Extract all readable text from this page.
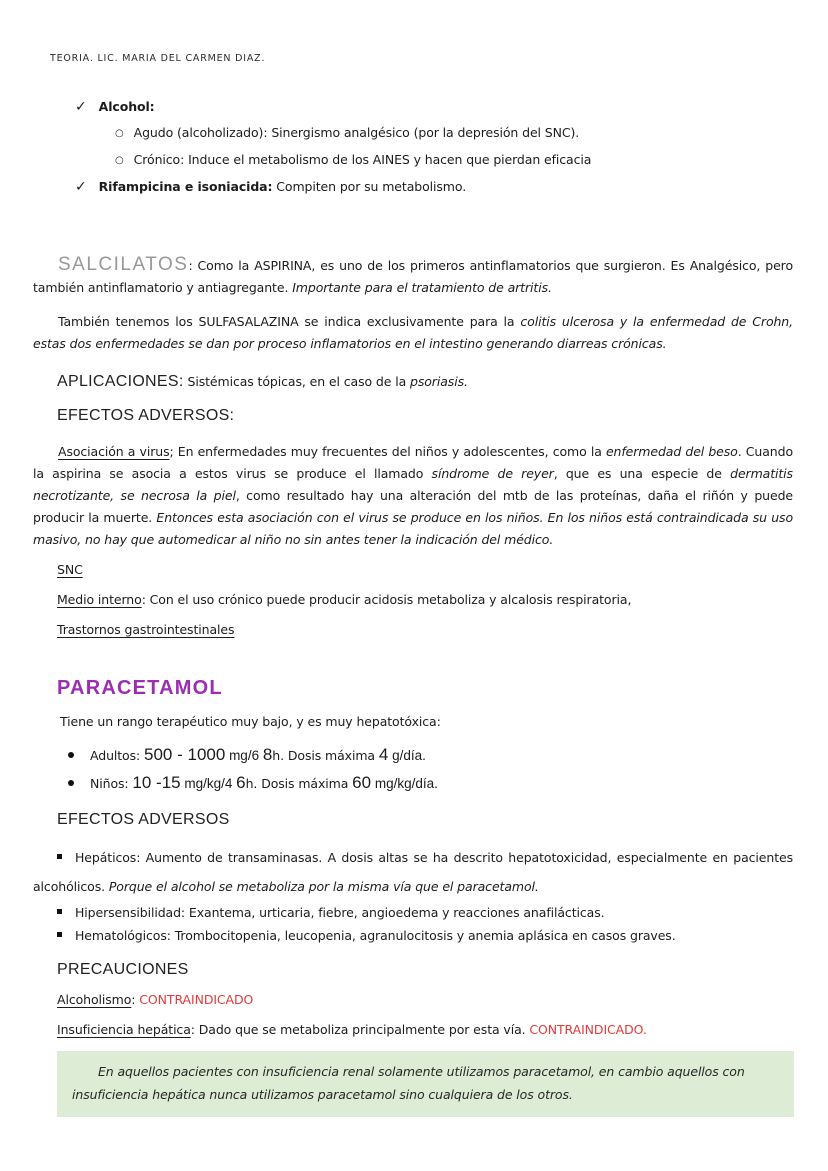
TEORIA. LIC. MARIA DEL CARMEN DIAZ.
✓ Alcohol:
○ Agudo (alcoholizado): Sinergismo analgésico (por la depresión del SNC).
○ Crónico: Induce el metabolismo de los AINES y hacen que pierdan eficacia
✓ Rifampicina e isoniacida: Compiten por su metabolismo.

SALCILATOS: Como la ASPIRINA, es uno de los primeros antinflamatorios que surgieron. Es Analgésico, pero también antinflamatorio y antiagregante. Importante para el tratamiento de artritis.

También tenemos los SULFASALAZINA se indica exclusivamente para la colitis ulcerosa y la enfermedad de Crohn, estas dos enfermedades se dan por proceso inflamatorios en el intestino generando diarreas crónicas.

APLICACIONES: Sistémicas tópicas, en el caso de la psoriasis.

EFECTOS ADVERSOS:

Asociación a virus; En enfermedades muy frecuentes del niños y adolescentes, como la enfermedad del beso. Cuando la aspirina se asocia a estos virus se produce el llamado síndrome de reyer, que es una especie de dermatitis necrotizante, se necrosa la piel, como resultado hay una alteración del mtb de las proteínas, daña el riñón y puede producir la muerte. Entonces esta asociación con el virus se produce en los niños. En los niños está contraindicada su uso masivo, no hay que automedicar al niño no sin antes tener la indicación del médico.

SNC

Medio interno: Con el uso crónico puede producir acidosis metaboliza y alcalosis respiratoria,

Trastornos gastrointestinales

PARACETAMOL

Tiene un rango terapéutico muy bajo, y es muy hepatotóxica:

Adultos: 500 - 1000 mg/6 8h. Dosis máxima 4 g/día.
Niños: 10 -15 mg/kg/4 6h. Dosis máxima 60 mg/kg/día.

EFECTOS ADVERSOS

Hepáticos: Aumento de transaminasas. A dosis altas se ha descrito hepatotoxicidad, especialmente en pacientes alcohólicos. Porque el alcohol se metaboliza por la misma vía que el paracetamol.

Hipersensibilidad: Exantema, urticaria, fiebre, angioedema y reacciones anafilácticas.

Hematológicos: Trombocitopenia, leucopenia, agranulocitosis y anemia aplásica en casos graves.

PRECAUCIONES

Alcoholismo: CONTRAINDICADO

Insuficiencia hepática: Dado que se metaboliza principalmente por esta vía. CONTRAINDICADO.

En aquellos pacientes con insuficiencia renal solamente utilizamos paracetamol, en cambio aquellos con insuficiencia hepática nunca utilizamos paracetamol sino cualquiera de los otros.
